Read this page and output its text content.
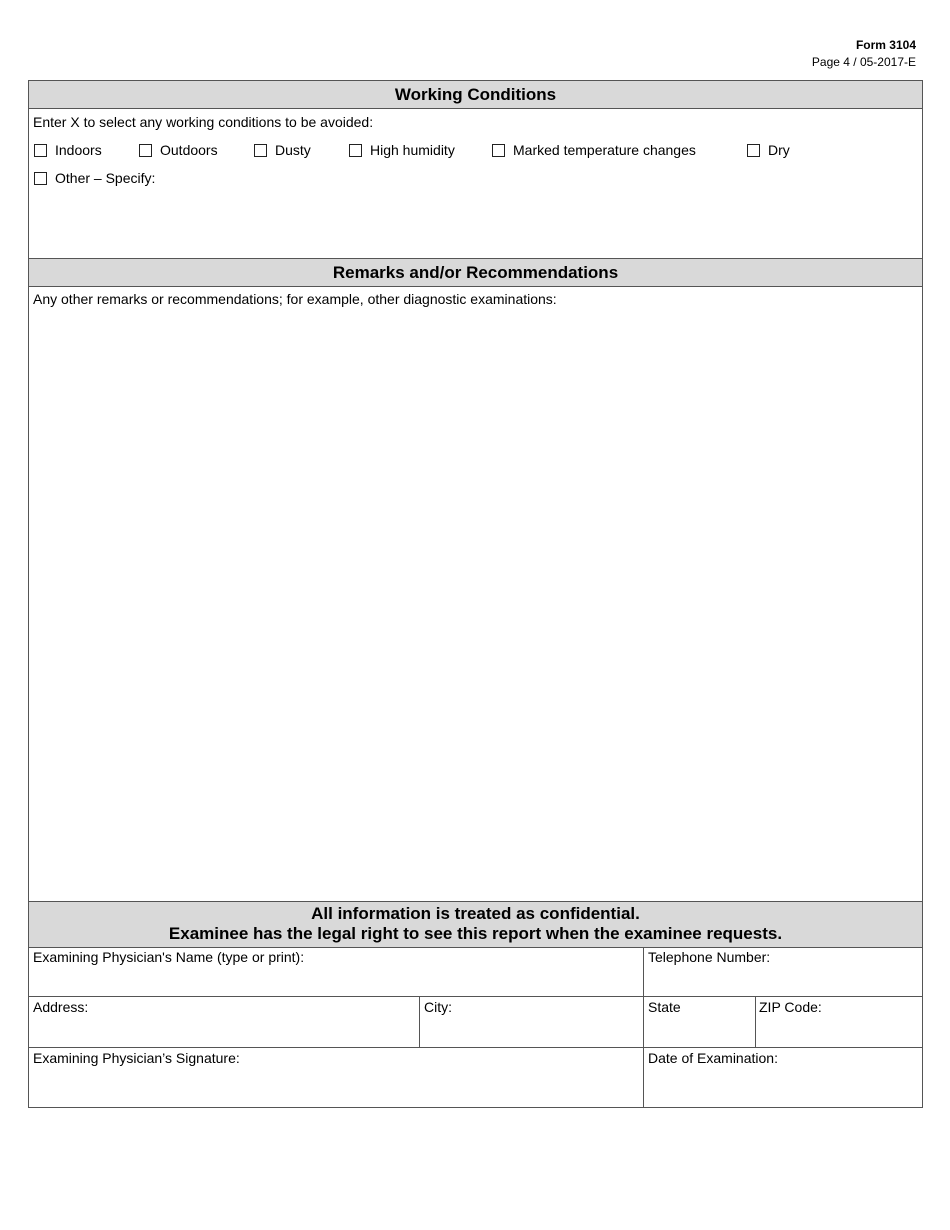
Form 3104
Page 4 / 05-2017-E
Working Conditions
Enter X to select any working conditions to be avoided:
Indoors	Outdoors	Dusty	High humidity	Marked temperature changes	Dry
Other – Specify:
Remarks and/or Recommendations
Any other remarks or recommendations; for example, other diagnostic examinations:
All information is treated as confidential.
Examinee has the legal right to see this report when the examinee requests.
Examining Physician's Name (type or print):	Telephone Number:
Address:	City:	State	ZIP Code:
Examining Physician’s Signature:	Date of Examination:
